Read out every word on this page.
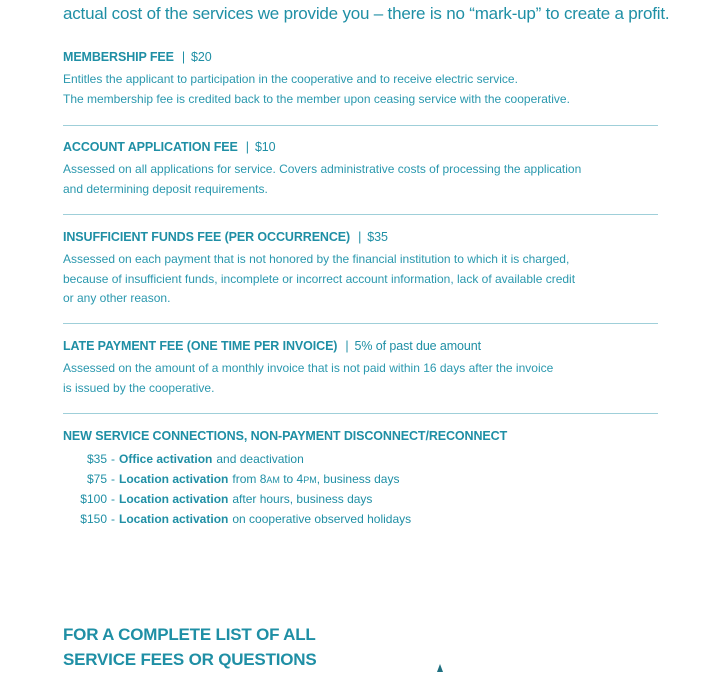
actual cost of the services we provide you – there is no “mark-up” to create a profit.
MEMBERSHIP FEE | $20
Entitles the applicant to participation in the cooperative and to receive electric service.
The membership fee is credited back to the member upon ceasing service with the cooperative.
ACCOUNT APPLICATION FEE | $10
Assessed on all applications for service. Covers administrative costs of processing the application
and determining deposit requirements.
INSUFFICIENT FUNDS FEE (PER OCCURRENCE) | $35
Assessed on each payment that is not honored by the financial institution to which it is charged,
because of insufficient funds, incomplete or incorrect account information, lack of available credit
or any other reason.
LATE PAYMENT FEE (ONE TIME PER INVOICE) | 5% of past due amount
Assessed on the amount of a monthly invoice that is not paid within 16 days after the invoice
is issued by the cooperative.
NEW SERVICE CONNECTIONS, NON-PAYMENT DISCONNECT/RECONNECT
$35 - Office activation and deactivation
$75 - Location activation from 8AM to 4PM, business days
$100 - Location activation after hours, business days
$150 - Location activation on cooperative observed holidays
FOR A COMPLETE LIST OF ALL
SERVICE FEES OR QUESTIONS
